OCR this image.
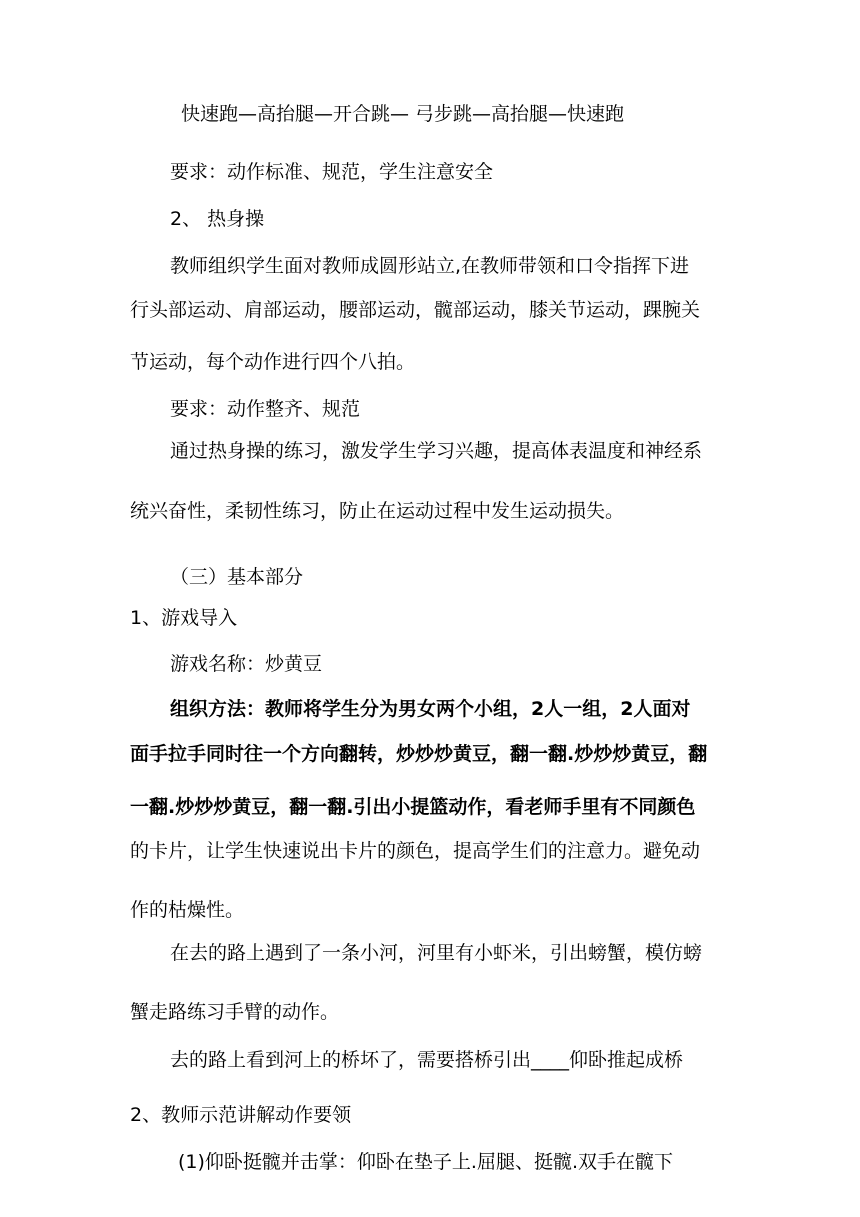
快速跑—高抬腿—开合跳— 弓步跳—高抬腿—快速跑
要求：动作标准、规范，学生注意安全
2、 热身操
教师组织学生面对教师成圆形站立,在教师带领和口令指挥下进
行头部运动、肩部运动，腰部运动，髋部运动，膝关节运动，踝腕关
节运动，每个动作进行四个八拍。
要求：动作整齐、规范
通过热身操的练习，激发学生学习兴趣，提高体表温度和神经系
统兴奋性，柔韧性练习，防止在运动过程中发生运动损失。
（三）基本部分
1、游戏导入
游戏名称：炒黄豆
组织方法：教师将学生分为男女两个小组，2人一组，2人面对
面手拉手同时往一个方向翻转，炒炒炒黄豆，翻一翻.炒炒炒黄豆，翻
一翻.炒炒炒黄豆，翻一翻.引出小提篮动作，看老师手里有不同颜色
的卡片，让学生快速说出卡片的颜色，提高学生们的注意力。避免动
作的枯燥性。
在去的路上遇到了一条小河，河里有小虾米，引出螃蟹，模仿螃
蟹走路练习手臂的动作。
去的路上看到河上的桥坏了，需要搭桥引出____仰卧推起成桥
2、教师示范讲解动作要领
(1)仰卧挺髋并击掌：仰卧在垫子上.屈腿、挺髋.双手在髋下
